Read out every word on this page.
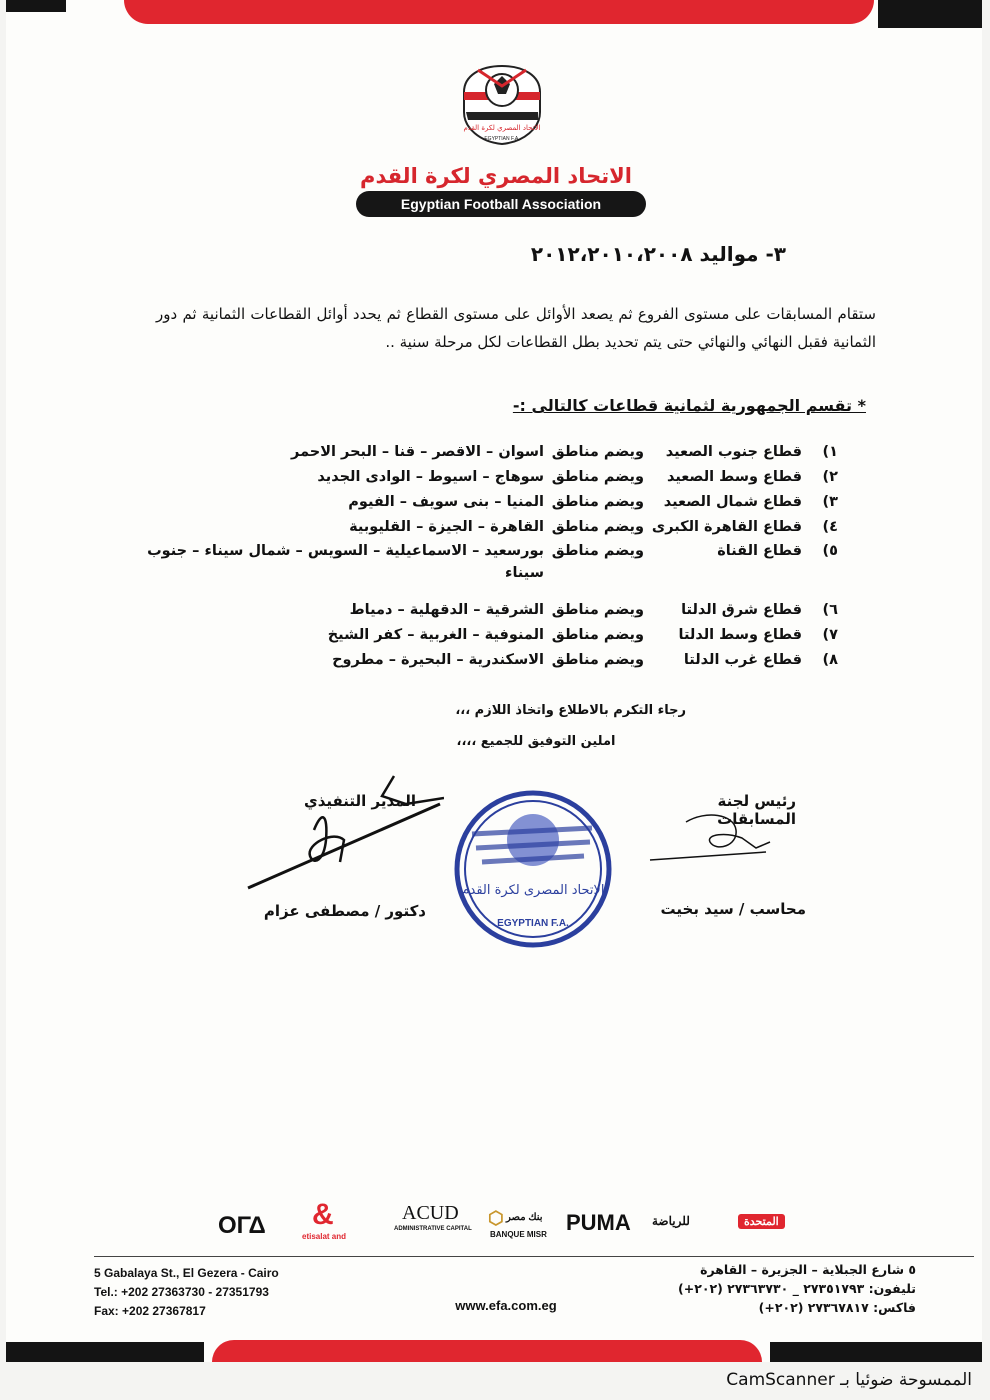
الاتحاد المصري لكرة القدم
EGYPTIAN F.A.
الاتحاد المصري لكرة القدم
Egyptian Football Association
٣- مواليد ٢٠١٢،٢٠١٠،٢٠٠٨
ستقام المسابقات على مستوى الفروع ثم يصعد الأوائل على مستوى القطاع ثم يحدد أوائل القطاعات الثمانية ثم دور الثمانية فقبل النهائي والنهائي حتى يتم تحديد بطل القطاعات لكل مرحلة سنية ..
* تقسم الجمهورية لثمانية قطاعات كالتالى :-
١)
قطاع جنوب الصعيد
ويضم مناطق
اسوان – الاقصر – قنا – البحر الاحمر
٢)
قطاع وسط الصعيد
ويضم مناطق
سوهاج – اسيوط – الوادى الجديد
٣)
قطاع شمال الصعيد
ويضم مناطق
المنيا – بنى سويف – الفيوم
٤)
قطاع القاهرة الكبرى
ويضم مناطق
القاهرة – الجيزة – القليوبية
٥)
قطاع القناة
ويضم مناطق
بورسعيد – الاسماعيلية – السويس – شمال سيناء – جنوب سيناء
٦)
قطاع شرق الدلتا
ويضم مناطق
الشرقية – الدقهلية – دمياط
٧)
قطاع وسط الدلتا
ويضم مناطق
المنوفية – الغربية – كفر الشيخ
٨)
قطاع غرب الدلتا
ويضم مناطق
الاسكندرية – البحيرة – مطروح
رجاء التكرم بالاطلاع واتخاذ اللازم ،،،
املين التوفيق للجميع ،،،،
رئيس لجنة المسابقات
المدير التنفيذي
الاتحاد المصرى لكرة القدم
EGYPTIAN F.A.
محاسب / سيد بخيت
دكتور / مصطفى عزام
OΓΔ &
etisalat and
ACUD
ADMINISTRATIVE CAPITAL
⬡ بنك مصر
BANQUE MISR PUMA للرياضة	المتحدة
5 Gabalaya St., El Gezera - Cairo
Tel.: +202 27363730 - 27351793
Fax: +202 27367817	www.efa.com.eg
٥ شارع الجبلاية – الجزيرة – القاهرة
تليفون: ٢٧٣٥١٧٩٣ _ ٢٧٣٦٣٧٣٠ (٢٠٢+)
فاكس: ٢٧٣٦٧٨١٧ (٢٠٢+)
الممسوحة ضوئيا بـ CamScanner
